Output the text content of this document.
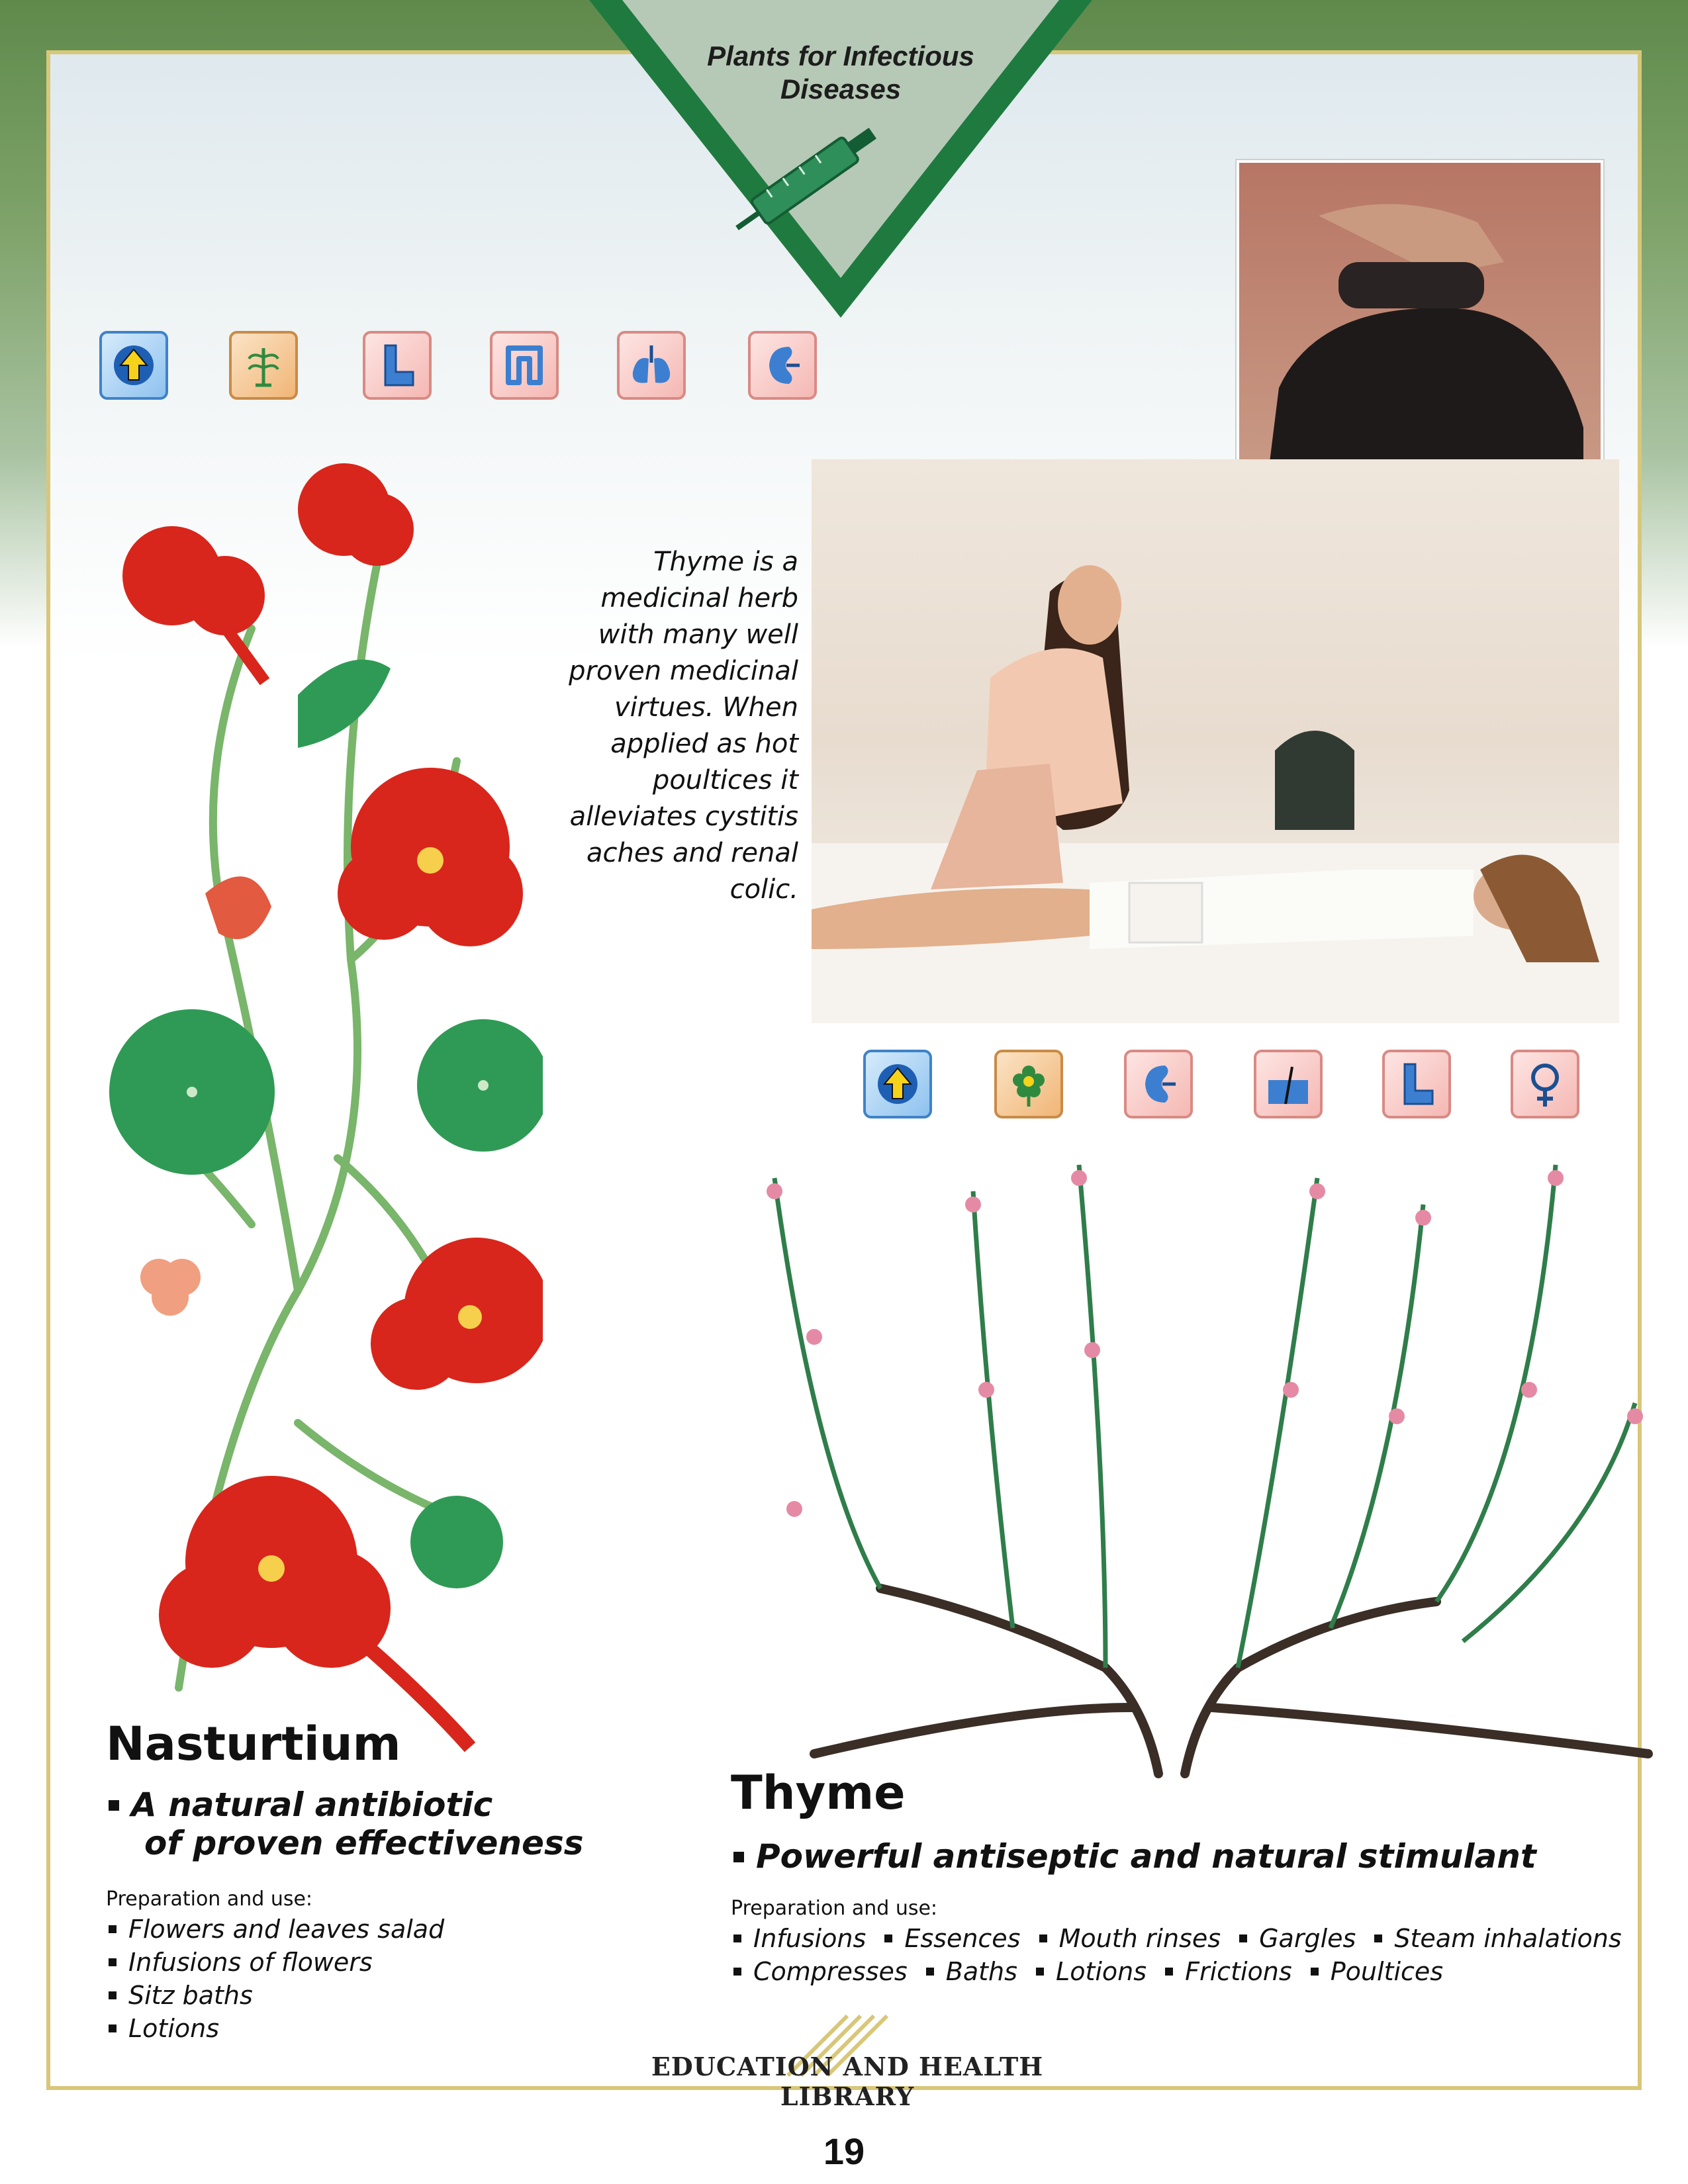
Plants for Infectious Diseases
Thyme is a medicinal herb with many well proven medicinal virtues. When applied as hot poultices it alleviates cystitis aches and renal colic.
Nasturtium
A natural antibiotic
of proven effectiveness
Preparation and use:
Flowers and leaves salad
Infusions of flowers
Sitz baths
Lotions
Thyme
Powerful antiseptic and natural stimulant
Preparation and use:
Infusions Essences Mouth rinses Gargles Steam inhalations
Compresses Baths Lotions Frictions Poultices
EDUCATION AND HEALTH LIBRARY
19
